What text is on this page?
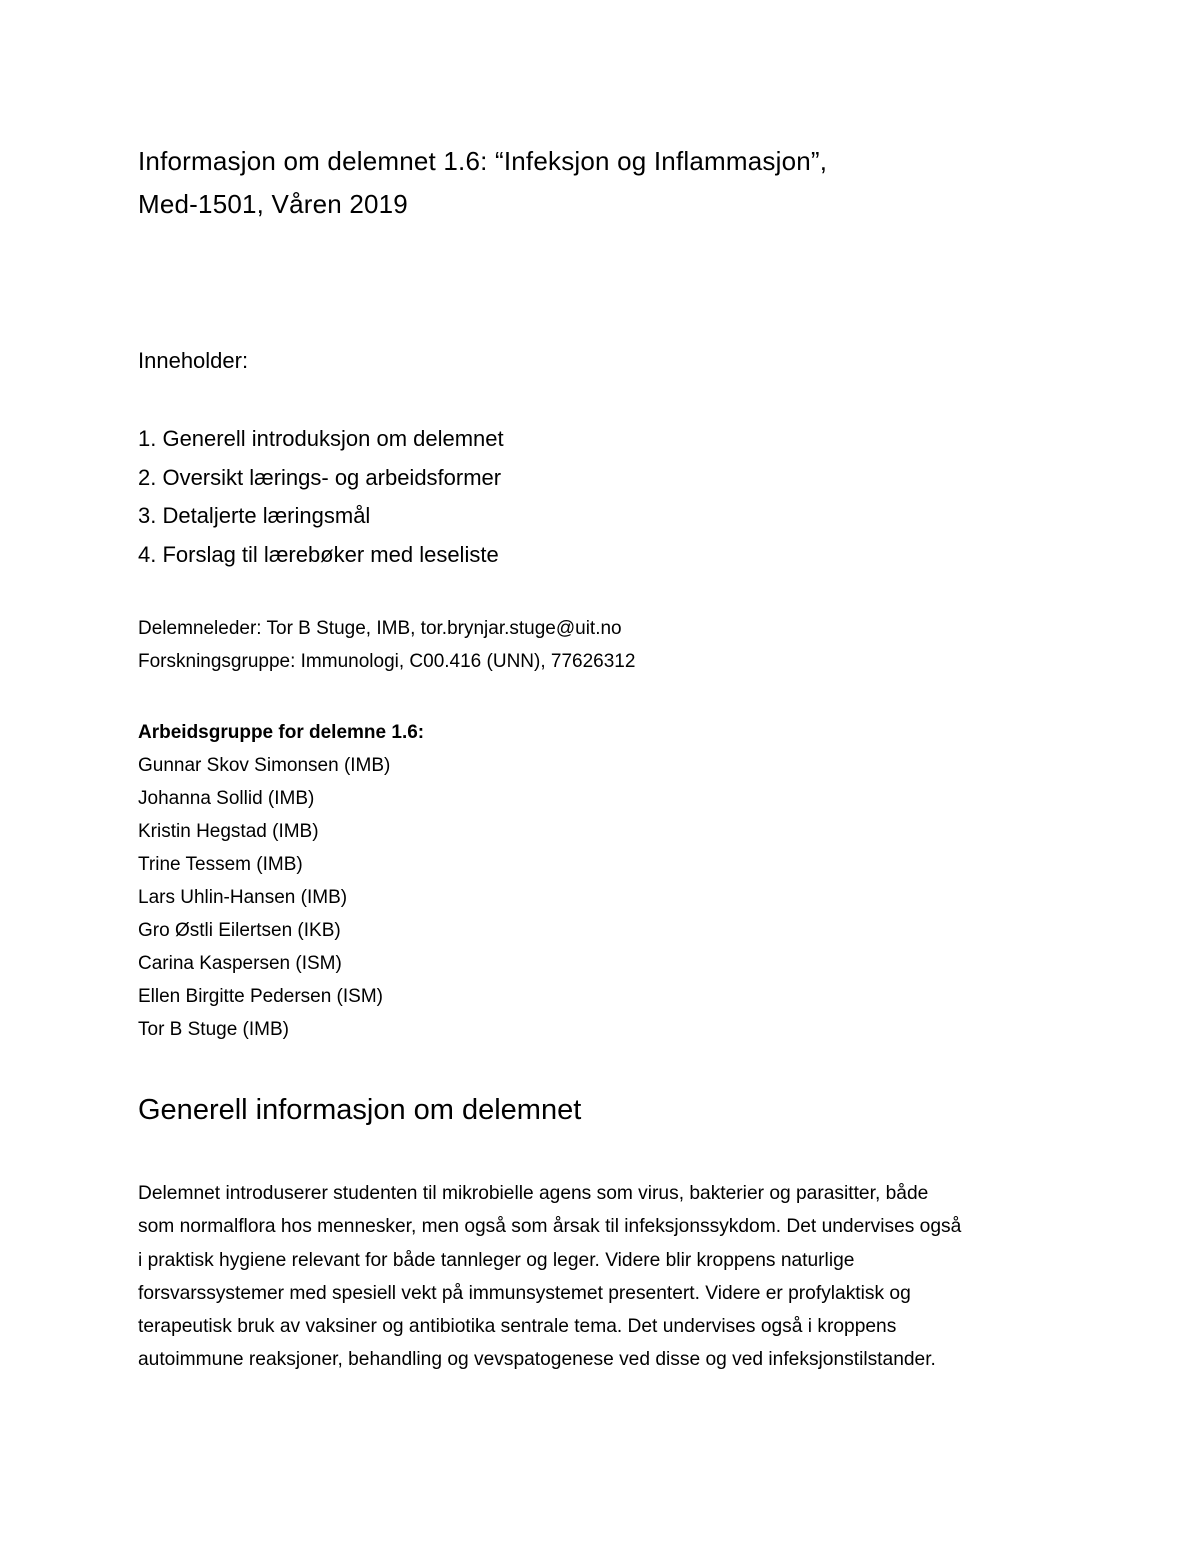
Informasjon om delemnet 1.6: “Infeksjon og Inflammasjon”,
Med-1501, Våren 2019
Inneholder:
1. Generell introduksjon om delemnet
2. Oversikt lærings- og arbeidsformer
3. Detaljerte læringsmål
4. Forslag til lærebøker med leseliste
Delemneleder: Tor B Stuge, IMB, tor.brynjar.stuge@uit.no
Forskningsgruppe: Immunologi, C00.416 (UNN), 77626312
Arbeidsgruppe for delemne 1.6:
Gunnar Skov Simonsen (IMB)
Johanna Sollid (IMB)
Kristin Hegstad (IMB)
Trine Tessem (IMB)
Lars Uhlin-Hansen (IMB)
Gro Østli Eilertsen (IKB)
Carina Kaspersen (ISM)
Ellen Birgitte Pedersen (ISM)
Tor B Stuge (IMB)
Generell informasjon om delemnet
Delemnet introduserer studenten til mikrobielle agens som virus, bakterier og parasitter, både
som normalflora hos mennesker, men også som årsak til infeksjonssykdom. Det undervises også
i praktisk hygiene relevant for både tannleger og leger. Videre blir kroppens naturlige
forsvarssystemer med spesiell vekt på immunsystemet presentert. Videre er profylaktisk og
terapeutisk bruk av vaksiner og antibiotika sentrale tema. Det undervises også i kroppens
autoimmune reaksjoner, behandling og vevspatogenese ved disse og ved infeksjonstilstander.
